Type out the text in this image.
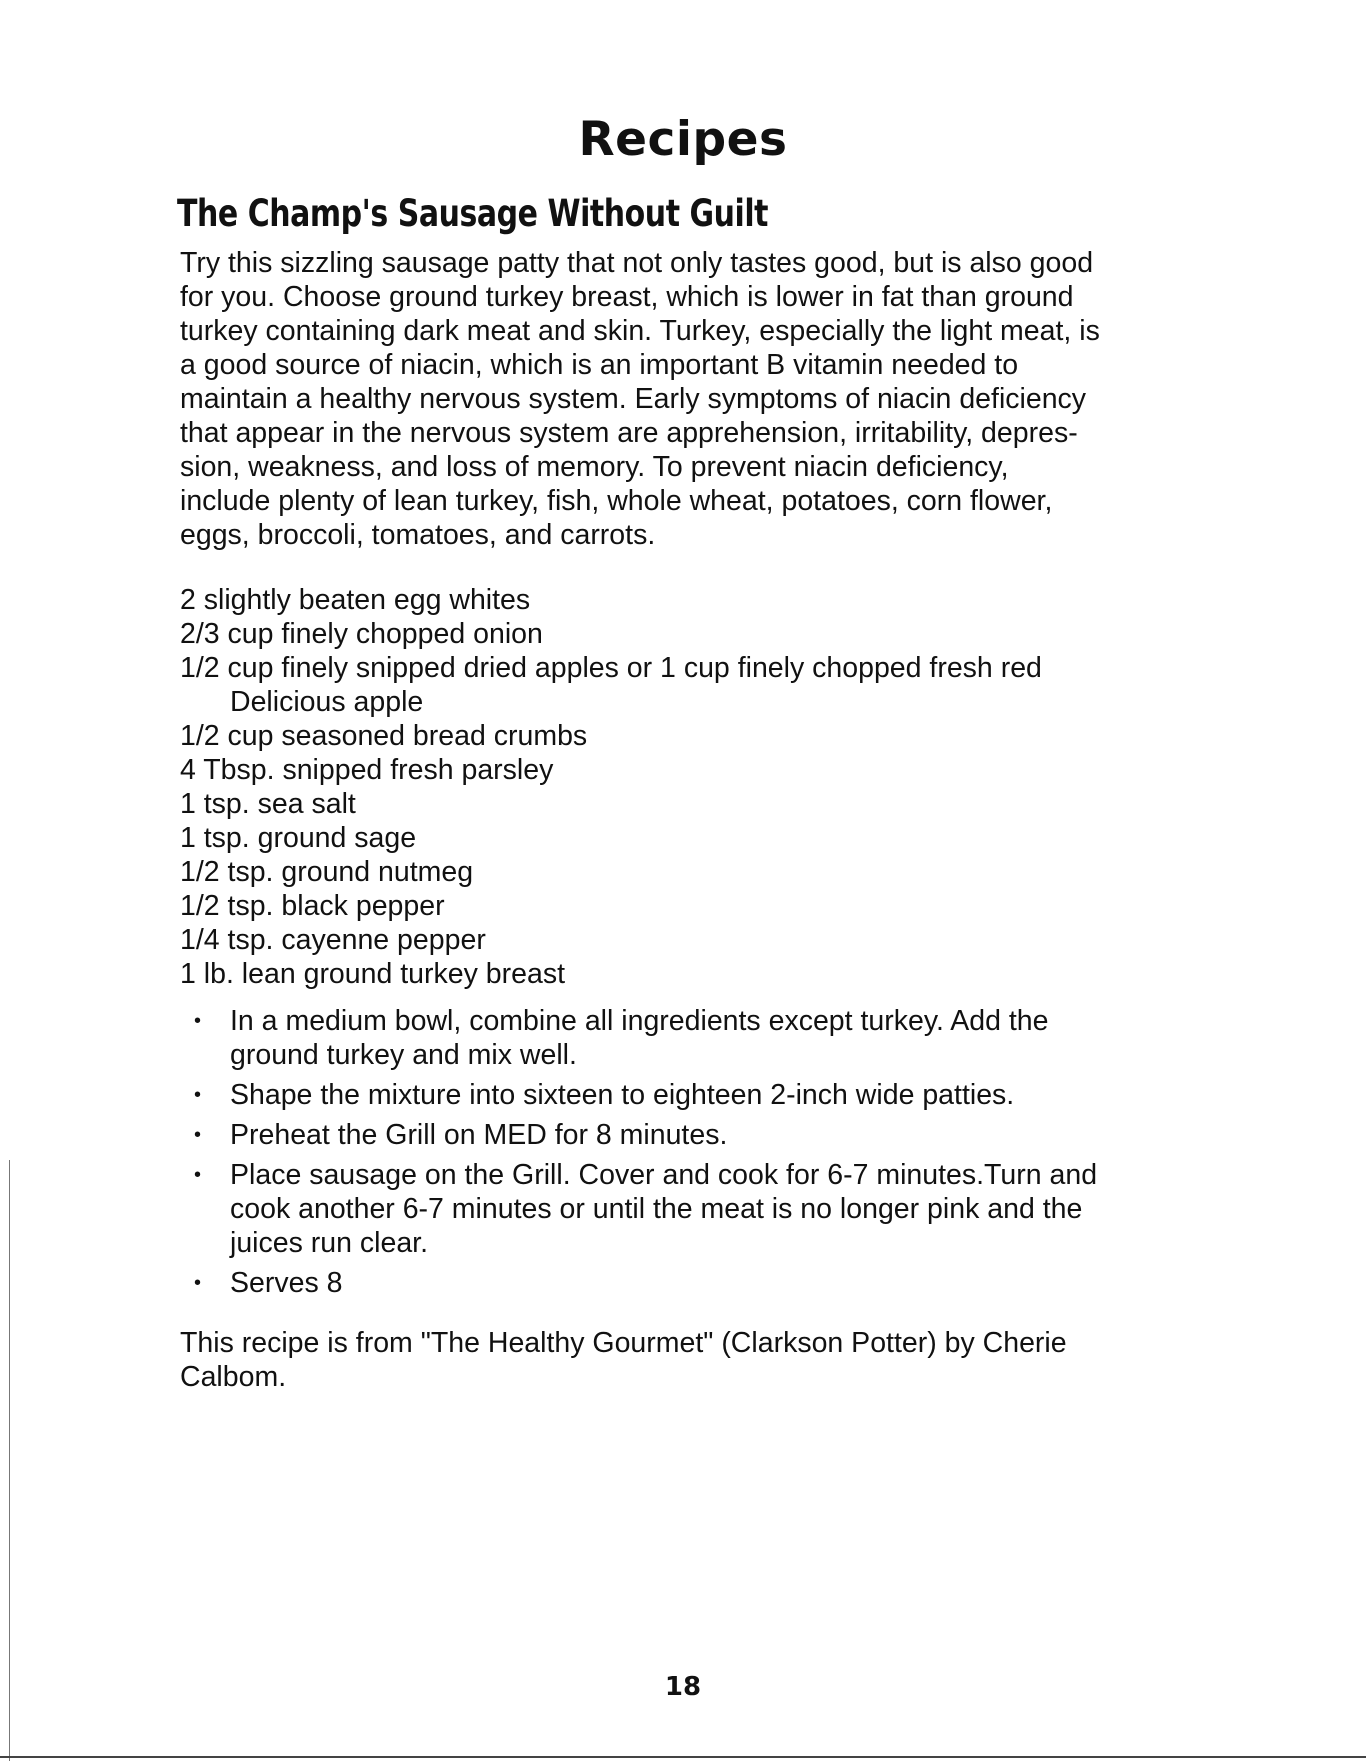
Recipes
The Champ's Sausage Without Guilt

Try this sizzling sausage patty that not only tastes good, but is also good
for you. Choose ground turkey breast, which is lower in fat than ground
turkey containing dark meat and skin. Turkey, especially the light meat, is
a good source of niacin, which is an important B vitamin needed to
maintain a healthy nervous system. Early symptoms of niacin deficiency
that appear in the nervous system are apprehension, irritability, depres-
sion, weakness, and loss of memory. To prevent niacin deficiency,
include plenty of lean turkey, fish, whole wheat, potatoes, corn flower,
eggs, broccoli, tomatoes, and carrots.

2 slightly beaten egg whites
2/3 cup finely chopped onion
1/2 cup finely snipped dried apples or 1 cup finely chopped fresh red
Delicious apple
1/2 cup seasoned bread crumbs
4 Tbsp. snipped fresh parsley
1 tsp. sea salt
1 tsp. ground sage
1/2 tsp. ground nutmeg
1/2 tsp. black pepper
1/4 tsp. cayenne pepper
1 lb. lean ground turkey breast
• In a medium bowl, combine all ingredients except turkey. Add the
ground turkey and mix well.
• Shape the mixture into sixteen to eighteen 2-inch wide patties.
• Preheat the Grill on MED for 8 minutes.
• Place sausage on the Grill. Cover and cook for 6-7 minutes.Turn and
cook another 6-7 minutes or until the meat is no longer pink and the
juices run clear.
• Serves 8

This recipe is from "The Healthy Gourmet" (Clarkson Potter) by Cherie
Calbom.

18
